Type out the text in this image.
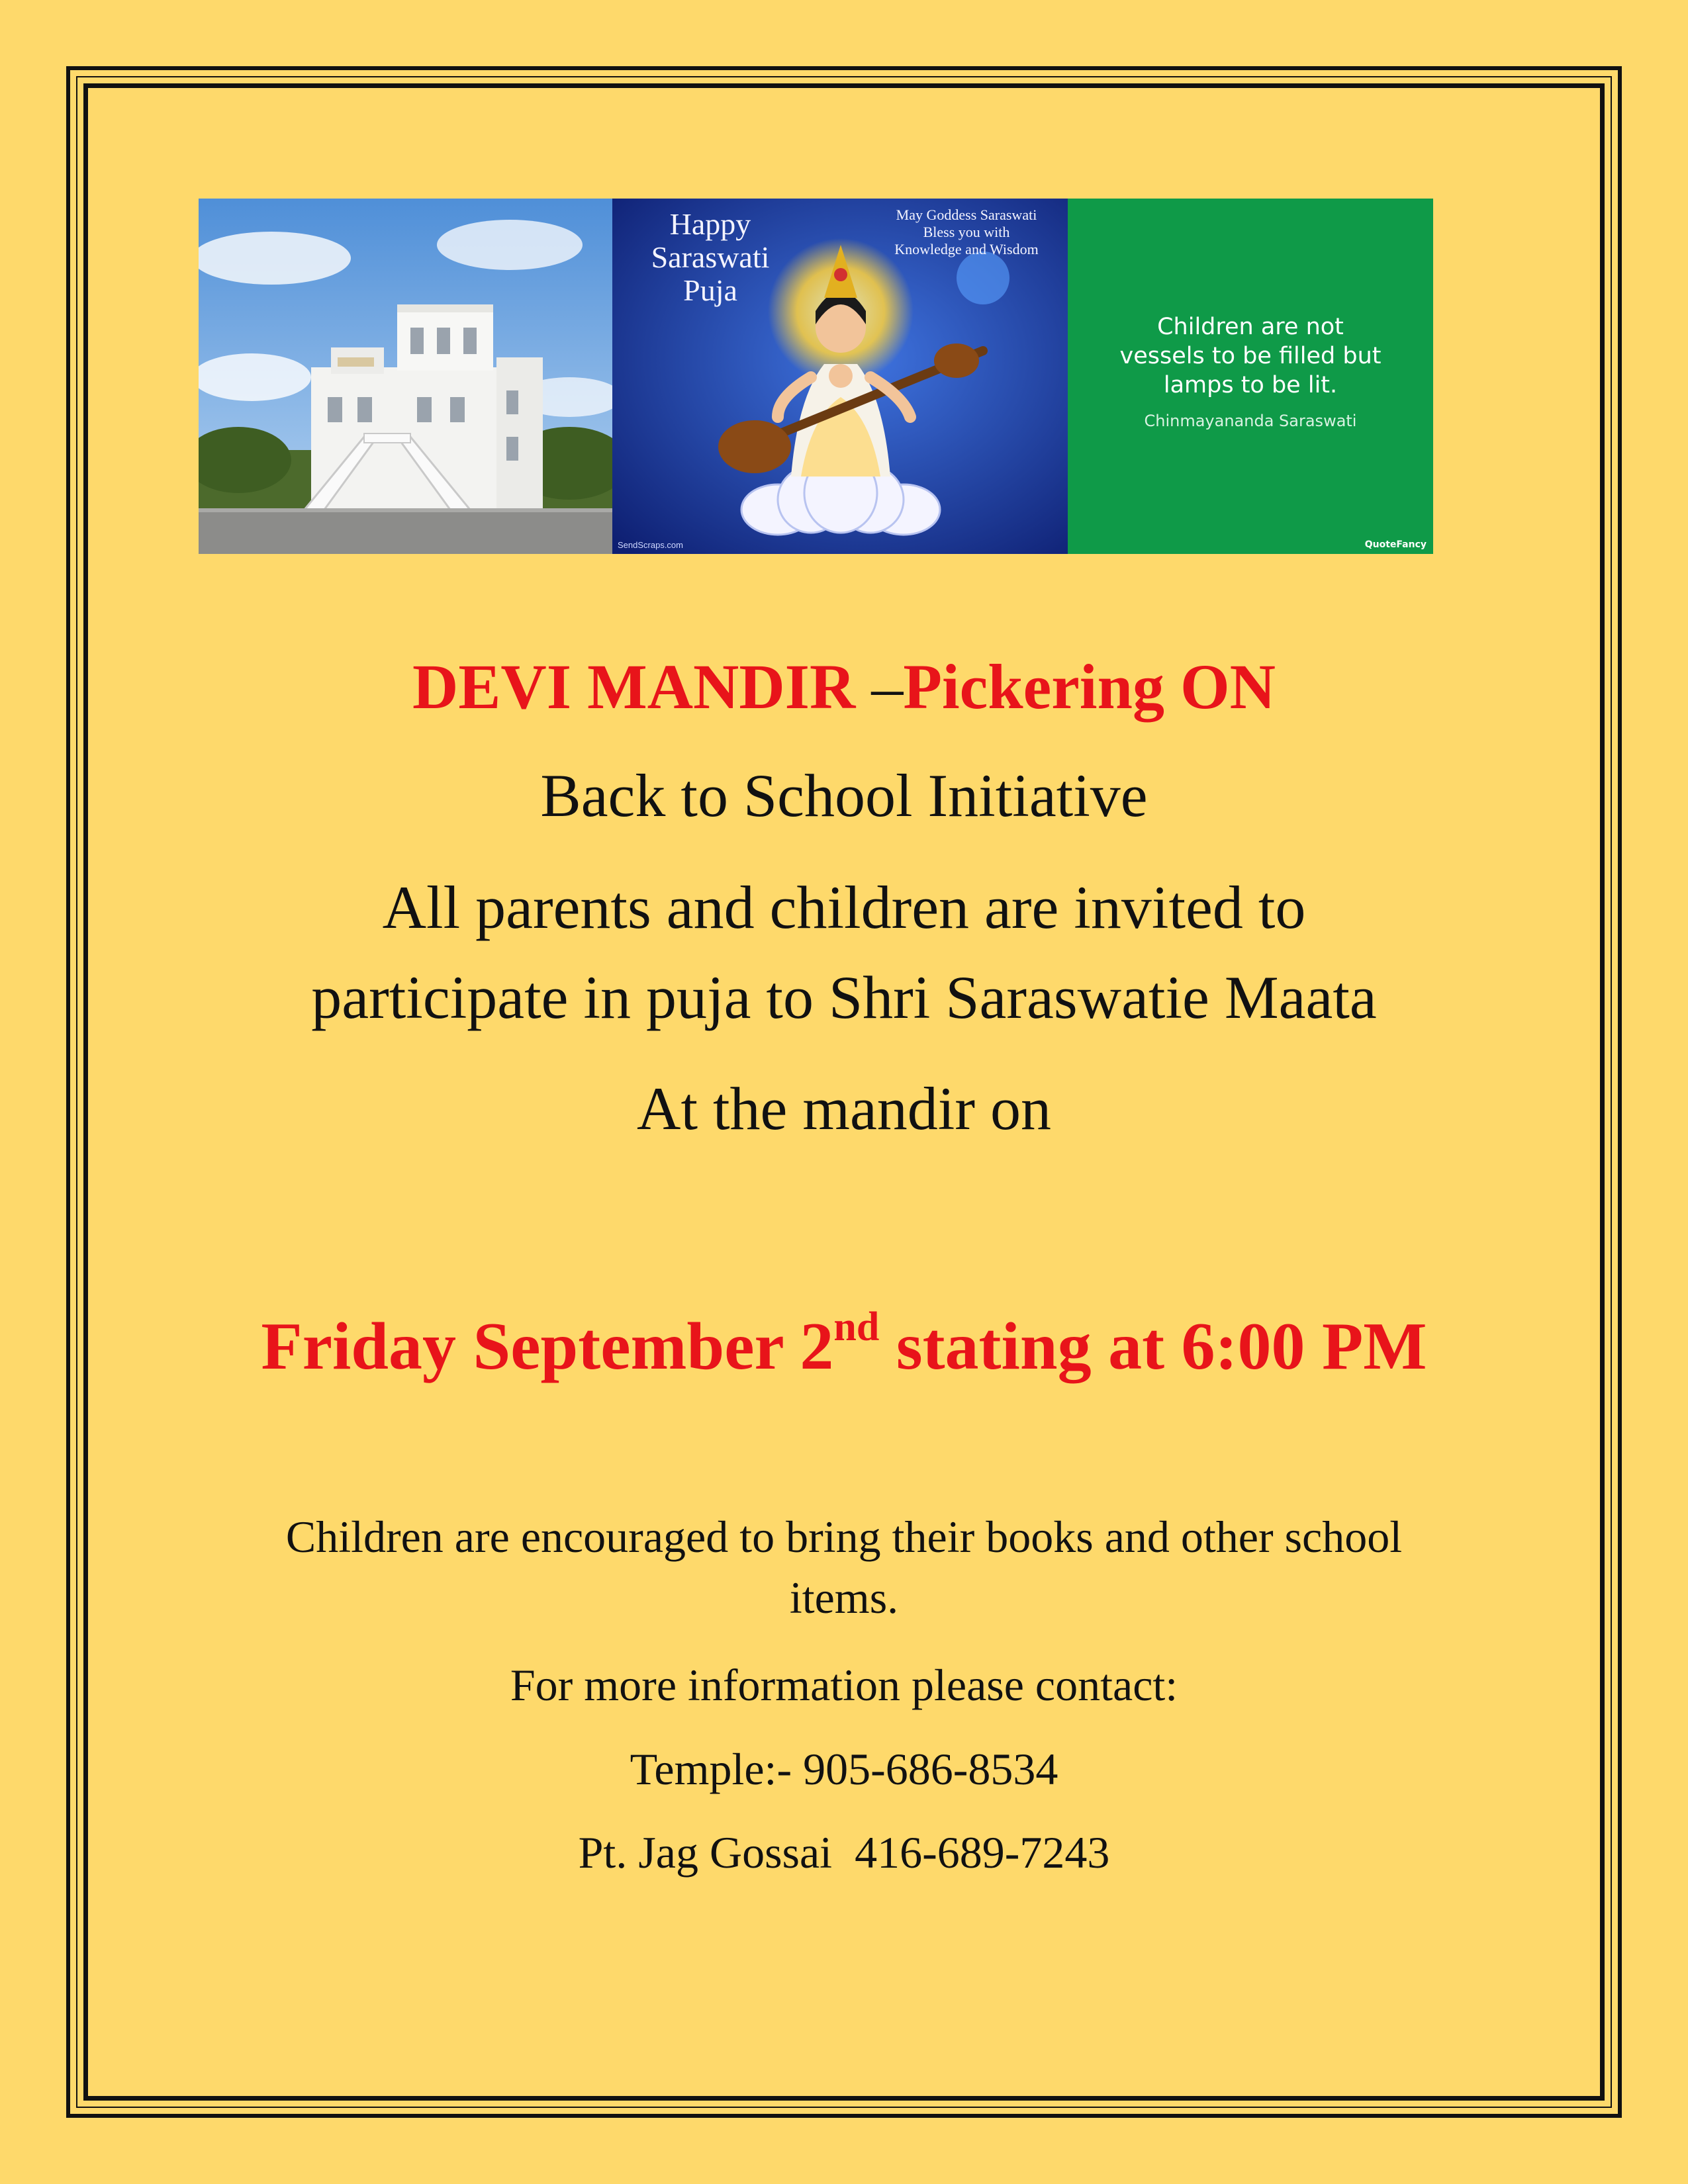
Happy
Saraswati
Puja
May Goddess Saraswati
Bless you with
Knowledge and Wisdom
SendScraps.com
Children are not
vessels to be filled but
lamps to be lit.
Chinmayananda Saraswati
QuoteFancy
DEVI MANDIR –Pickering ON
Back to School Initiative
All parents and children are invited to
participate in puja to Shri Saraswatie Maata
At the mandir on
Friday September 2nd stating at 6:00 PM
Children are encouraged to bring their books and other school
items.
For more information please contact:
Temple:- 905-686-8534
Pt. Jag Gossai  416-689-7243
